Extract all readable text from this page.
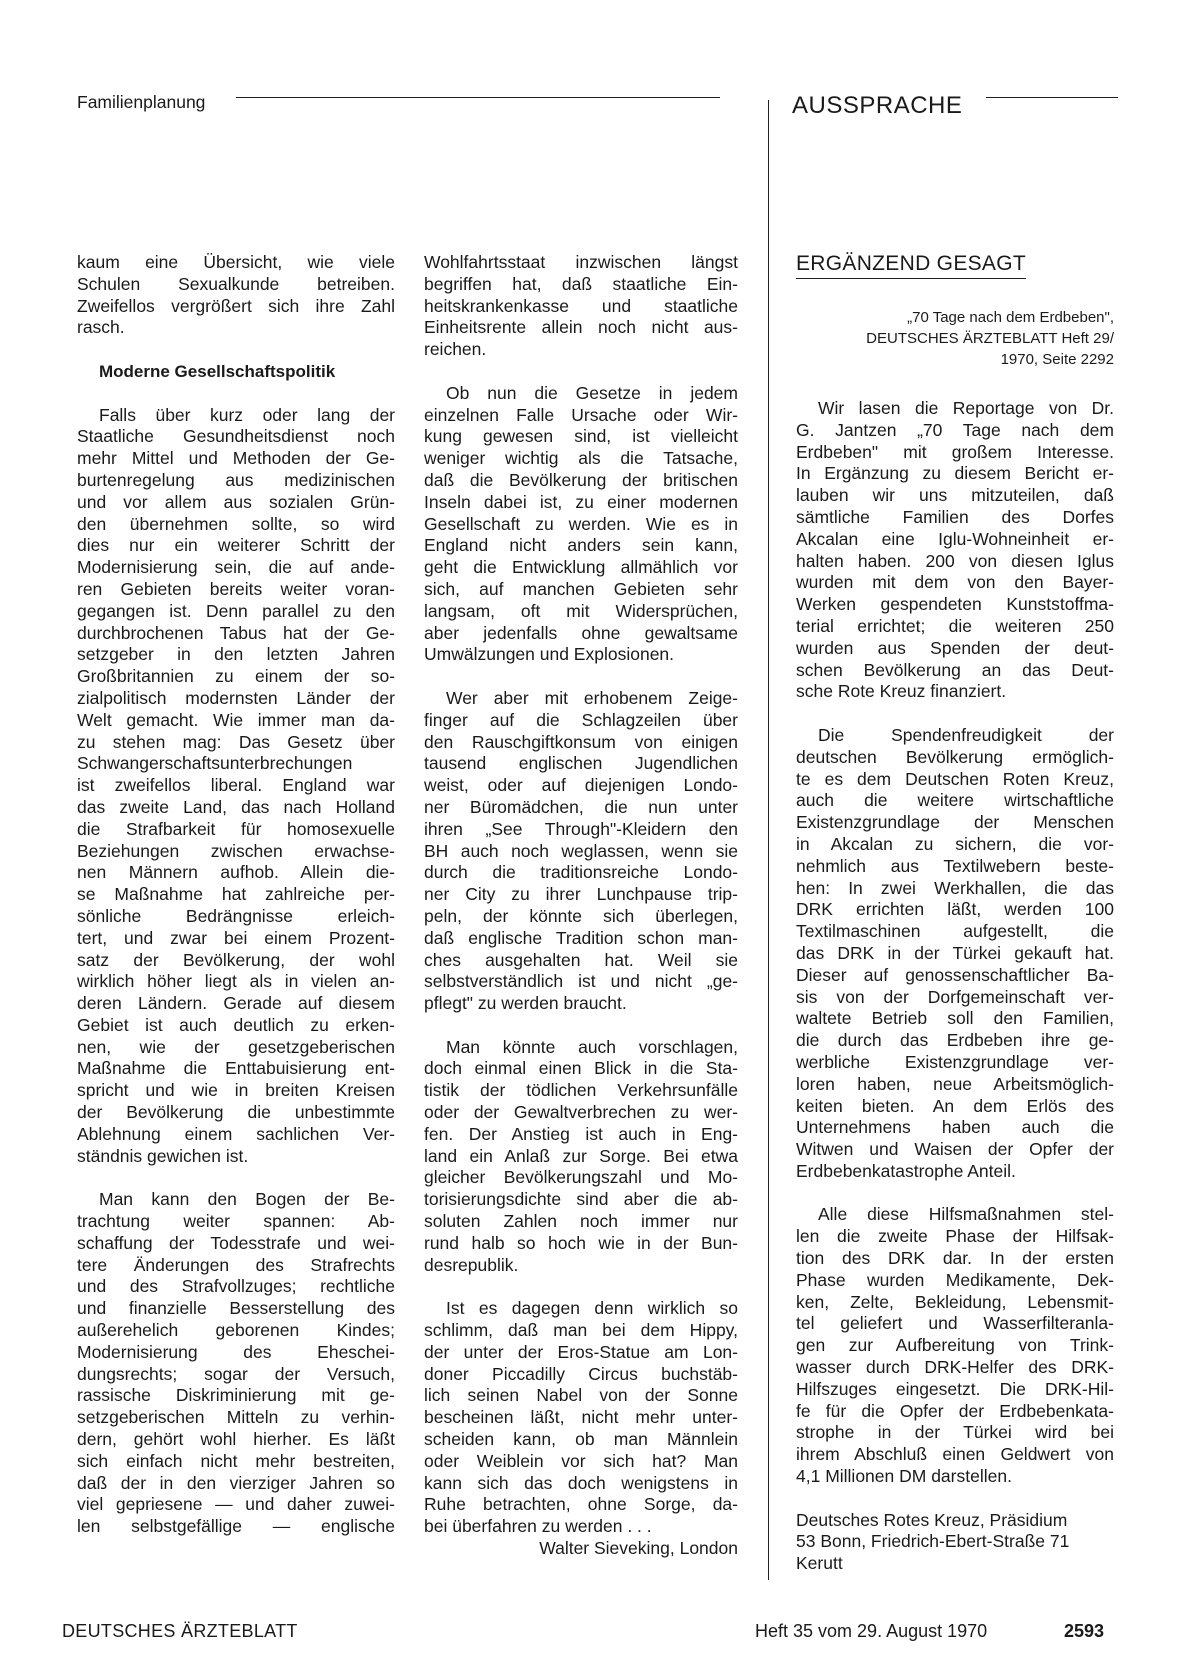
Familienplanung	AUSSPRACHE
kaum eine Übersicht, wie viele
Schulen Sexualkunde betreiben.
Zweifellos vergrößert sich ihre Zahl
rasch.
Moderne Gesellschaftspolitik
Falls über kurz oder lang der
Staatliche Gesundheitsdienst noch
mehr Mittel und Methoden der Ge-
burtenregelung aus medizinischen
und vor allem aus sozialen Grün-
den übernehmen sollte, so wird
dies nur ein weiterer Schritt der
Modernisierung sein, die auf ande-
ren Gebieten bereits weiter voran-
gegangen ist. Denn parallel zu den
durchbrochenen Tabus hat der Ge-
setzgeber in den letzten Jahren
Großbritannien zu einem der so-
zialpolitisch modernsten Länder der
Welt gemacht. Wie immer man da-
zu stehen mag: Das Gesetz über
Schwangerschaftsunterbrechungen
ist zweifellos liberal. England war
das zweite Land, das nach Holland
die Strafbarkeit für homosexuelle
Beziehungen zwischen erwachse-
nen Männern aufhob. Allein die-
se Maßnahme hat zahlreiche per-
sönliche Bedrängnisse erleich-
tert, und zwar bei einem Prozent-
satz der Bevölkerung, der wohl
wirklich höher liegt als in vielen an-
deren Ländern. Gerade auf diesem
Gebiet ist auch deutlich zu erken-
nen, wie der gesetzgeberischen
Maßnahme die Enttabuisierung ent-
spricht und wie in breiten Kreisen
der Bevölkerung die unbestimmte
Ablehnung einem sachlichen Ver-
ständnis gewichen ist.
Man kann den Bogen der Be-
trachtung weiter spannen: Ab-
schaffung der Todesstrafe und wei-
tere Änderungen des Strafrechts
und des Strafvollzuges; rechtliche
und finanzielle Besserstellung des
außerehelich geborenen Kindes;
Modernisierung des Eheschei-
dungsrechts; sogar der Versuch,
rassische Diskriminierung mit ge-
setzgeberischen Mitteln zu verhin-
dern, gehört wohl hierher. Es läßt
sich einfach nicht mehr bestreiten,
daß der in den vierziger Jahren so
viel gepriesene — und daher zuwei-
len selbstgefällige — englische
Wohlfahrtsstaat inzwischen längst
begriffen hat, daß staatliche Ein-
heitskrankenkasse und staatliche
Einheitsrente allein noch nicht aus-
reichen.
Ob nun die Gesetze in jedem
einzelnen Falle Ursache oder Wir-
kung gewesen sind, ist vielleicht
weniger wichtig als die Tatsache,
daß die Bevölkerung der britischen
Inseln dabei ist, zu einer modernen
Gesellschaft zu werden. Wie es in
England nicht anders sein kann,
geht die Entwicklung allmählich vor
sich, auf manchen Gebieten sehr
langsam, oft mit Widersprüchen,
aber jedenfalls ohne gewaltsame
Umwälzungen und Explosionen.
Wer aber mit erhobenem Zeige-
finger auf die Schlagzeilen über
den Rauschgiftkonsum von einigen
tausend englischen Jugendlichen
weist, oder auf diejenigen Londo-
ner Büromädchen, die nun unter
ihren „See Through"-Kleidern den
BH auch noch weglassen, wenn sie
durch die traditionsreiche Londo-
ner City zu ihrer Lunchpause trip-
peln, der könnte sich überlegen,
daß englische Tradition schon man-
ches ausgehalten hat. Weil sie
selbstverständlich ist und nicht „ge-
pflegt" zu werden braucht.
Man könnte auch vorschlagen,
doch einmal einen Blick in die Sta-
tistik der tödlichen Verkehrsunfälle
oder der Gewaltverbrechen zu wer-
fen. Der Anstieg ist auch in Eng-
land ein Anlaß zur Sorge. Bei etwa
gleicher Bevölkerungszahl und Mo-
torisierungsdichte sind aber die ab-
soluten Zahlen noch immer nur
rund halb so hoch wie in der Bun-
desrepublik.
Ist es dagegen denn wirklich so
schlimm, daß man bei dem Hippy,
der unter der Eros-Statue am Lon-
doner Piccadilly Circus buchstäb-
lich seinen Nabel von der Sonne
bescheinen läßt, nicht mehr unter-
scheiden kann, ob man Männlein
oder Weiblein vor sich hat? Man
kann sich das doch wenigstens in
Ruhe betrachten, ohne Sorge, da-
bei überfahren zu werden . . .
Walter Sieveking, London
ERGÄNZEND GESAGT
„70 Tage nach dem Erdbeben",
DEUTSCHES ÄRZTEBLATT Heft 29/
1970, Seite 2292
Wir lasen die Reportage von Dr.
G. Jantzen „70 Tage nach dem
Erdbeben" mit großem Interesse.
In Ergänzung zu diesem Bericht er-
lauben wir uns mitzuteilen, daß
sämtliche Familien des Dorfes
Akcalan eine Iglu-Wohneinheit er-
halten haben. 200 von diesen Iglus
wurden mit dem von den Bayer-
Werken gespendeten Kunststoffma-
terial errichtet; die weiteren 250
wurden aus Spenden der deut-
schen Bevölkerung an das Deut-
sche Rote Kreuz finanziert.
Die Spendenfreudigkeit der
deutschen Bevölkerung ermöglich-
te es dem Deutschen Roten Kreuz,
auch die weitere wirtschaftliche
Existenzgrundlage der Menschen
in Akcalan zu sichern, die vor-
nehmlich aus Textilwebern beste-
hen: In zwei Werkhallen, die das
DRK errichten läßt, werden 100
Textilmaschinen aufgestellt, die
das DRK in der Türkei gekauft hat.
Dieser auf genossenschaftlicher Ba-
sis von der Dorfgemeinschaft ver-
waltete Betrieb soll den Familien,
die durch das Erdbeben ihre ge-
werbliche Existenzgrundlage ver-
loren haben, neue Arbeitsmöglich-
keiten bieten. An dem Erlös des
Unternehmens haben auch die
Witwen und Waisen der Opfer der
Erdbebenkatastrophe Anteil.
Alle diese Hilfsmaßnahmen stel-
len die zweite Phase der Hilfsak-
tion des DRK dar. In der ersten
Phase wurden Medikamente, Dek-
ken, Zelte, Bekleidung, Lebensmit-
tel geliefert und Wasserfilteranla-
gen zur Aufbereitung von Trink-
wasser durch DRK-Helfer des DRK-
Hilfszuges eingesetzt. Die DRK-Hil-
fe für die Opfer der Erdbebenkata-
strophe in der Türkei wird bei
ihrem Abschluß einen Geldwert von
4,1 Millionen DM darstellen.
Deutsches Rotes Kreuz, Präsidium
53 Bonn, Friedrich-Ebert-Straße 71
Kerutt
DEUTSCHES ÄRZTEBLATT	Heft 35 vom 29. August 1970	2593
